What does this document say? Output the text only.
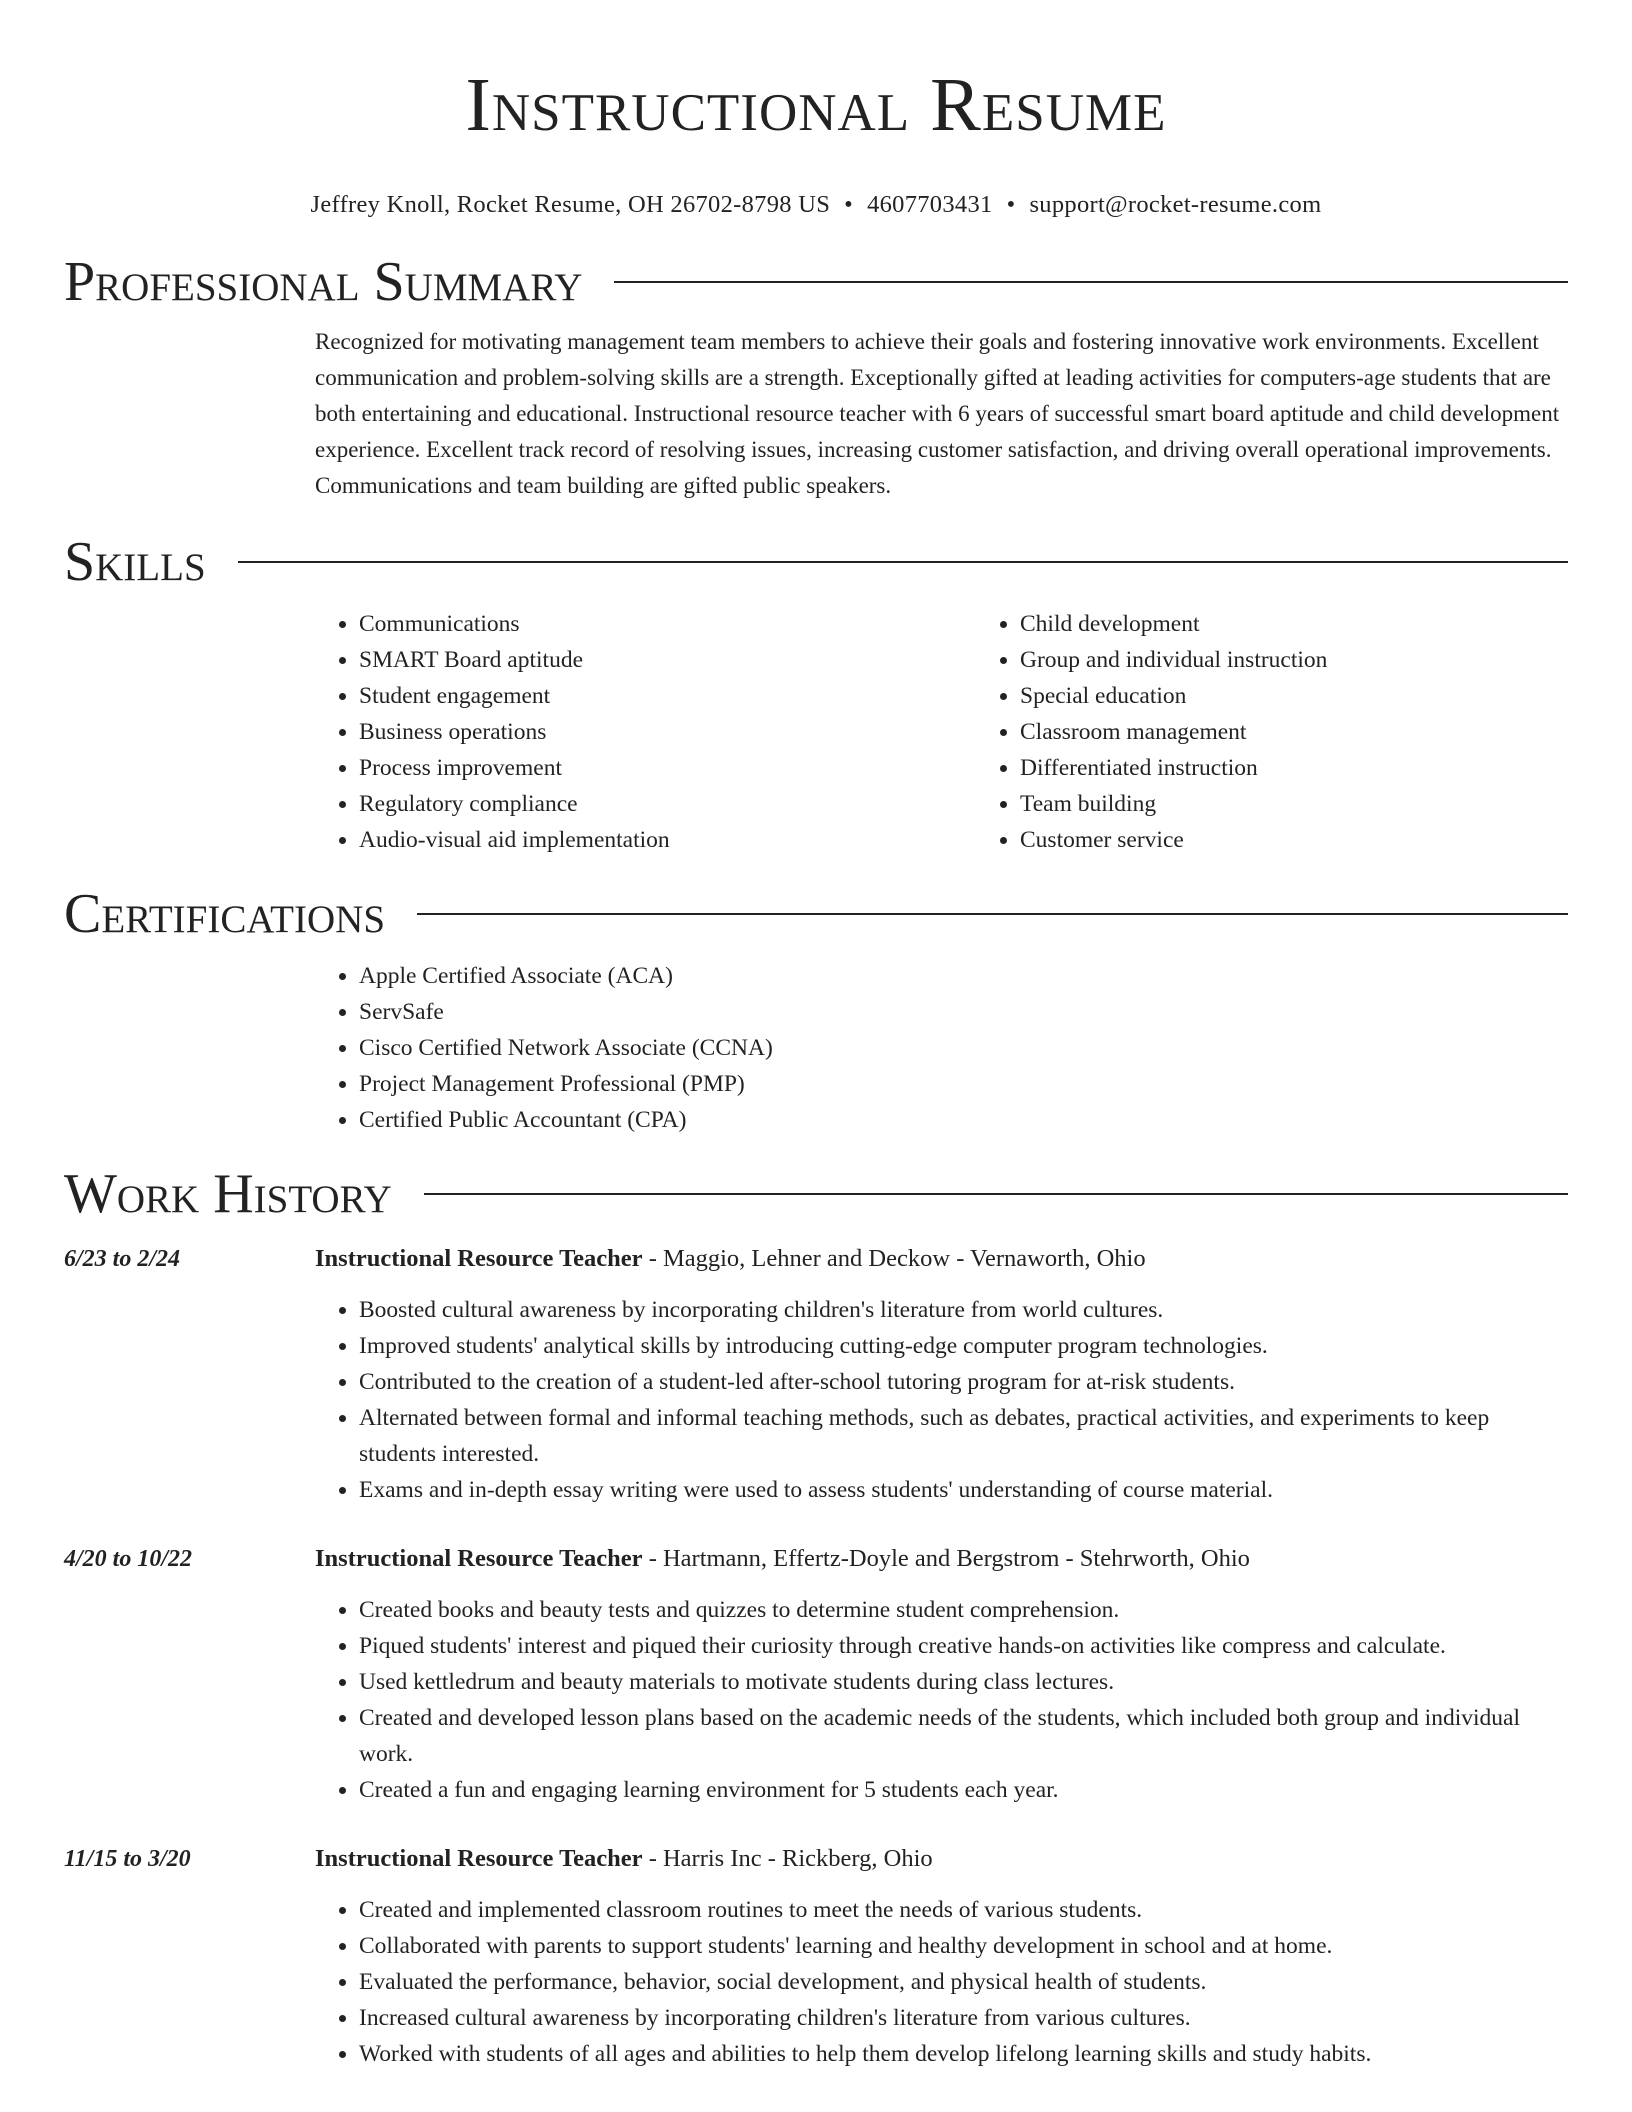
Instructional Resume
Jeffrey Knoll, Rocket Resume, OH 26702-8798 US • 4607703431 • support@rocket-resume.com
Professional Summary

Recognized for motivating management team members to achieve their goals and fostering innovative work environments. Excellent communication and problem-solving skills are a strength. Exceptionally gifted at leading activities for computers-age students that are both entertaining and educational. Instructional resource teacher with 6 years of successful smart board aptitude and child development experience. Excellent track record of resolving issues, increasing customer satisfaction, and driving overall operational improvements. Communications and team building are gifted public speakers.

Skills
• Communications
• SMART Board aptitude
• Student engagement
• Business operations
• Process improvement
• Regulatory compliance
• Audio-visual aid implementation
• Child development
• Group and individual instruction
• Special education
• Classroom management
• Differentiated instruction
• Team building
• Customer service
Certifications
• Apple Certified Associate (ACA)
• ServSafe
• Cisco Certified Network Associate (CCNA)
• Project Management Professional (PMP)
• Certified Public Accountant (CPA)
Work History
6/23 to 2/24	Instructional Resource Teacher - Maggio, Lehner and Deckow - Vernaworth, Ohio
• Boosted cultural awareness by incorporating children's literature from world cultures.
• Improved students' analytical skills by introducing cutting-edge computer program technologies.
• Contributed to the creation of a student-led after-school tutoring program for at-risk students.
• Alternated between formal and informal teaching methods, such as debates, practical activities, and experiments to keep students interested.
• Exams and in-depth essay writing were used to assess students' understanding of course material.
4/20 to 10/22	Instructional Resource Teacher - Hartmann, Effertz-Doyle and Bergstrom - Stehrworth, Ohio
• Created books and beauty tests and quizzes to determine student comprehension.
• Piqued students' interest and piqued their curiosity through creative hands-on activities like compress and calculate.
• Used kettledrum and beauty materials to motivate students during class lectures.
• Created and developed lesson plans based on the academic needs of the students, which included both group and individual work.
• Created a fun and engaging learning environment for 5 students each year.
11/15 to 3/20	Instructional Resource Teacher - Harris Inc - Rickberg, Ohio
• Created and implemented classroom routines to meet the needs of various students.
• Collaborated with parents to support students' learning and healthy development in school and at home.
• Evaluated the performance, behavior, social development, and physical health of students.
• Increased cultural awareness by incorporating children's literature from various cultures.
• Worked with students of all ages and abilities to help them develop lifelong learning skills and study habits.
